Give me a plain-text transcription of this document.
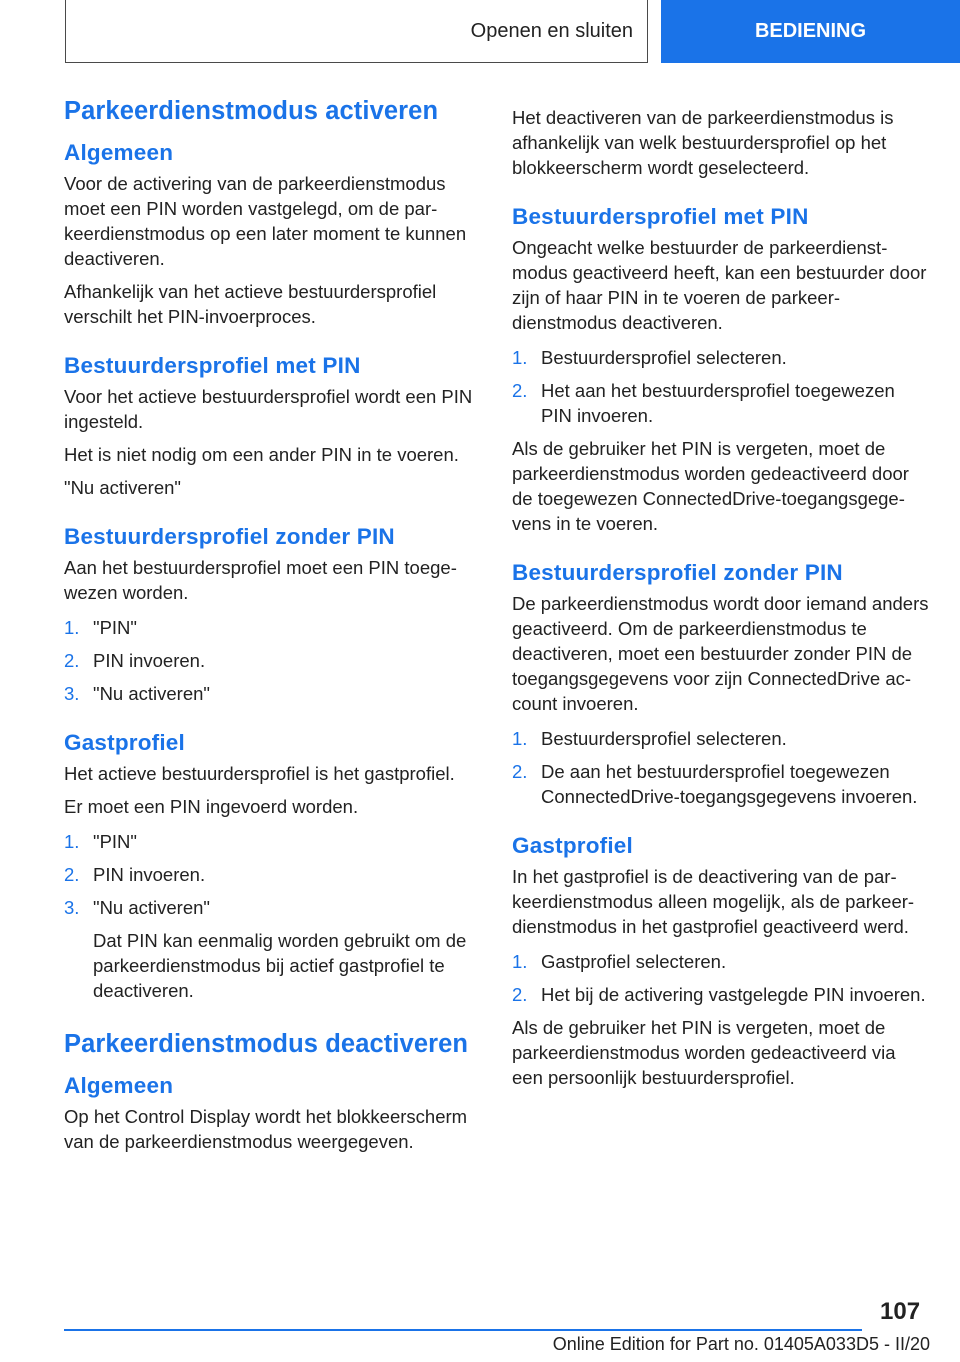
Openen en sluiten	BEDIENING
Parkeerdienstmodus activeren
Algemeen

Voor de activering van de parkeerdienstmodus moet een PIN worden vastgelegd, om de parkeerdienstmodus op een later moment te kunnen deactiveren.

Afhankelijk van het actieve bestuurdersprofiel verschilt het PIN-invoerproces.

Bestuurdersprofiel met PIN

Voor het actieve bestuurdersprofiel wordt een PIN ingesteld.

Het is niet nodig om een ander PIN in te voeren.

"Nu activeren"

Bestuurdersprofiel zonder PIN

Aan het bestuurdersprofiel moet een PIN toegewezen worden.

1. "PIN"
2. PIN invoeren.
3. "Nu activeren"
Gastprofiel

Het actieve bestuurdersprofiel is het gastprofiel.

Er moet een PIN ingevoerd worden.

1. "PIN"
2. PIN invoeren.
3. "Nu activeren"
Dat PIN kan eenmalig worden gebruikt om de parkeerdienstmodus bij actief gastprofiel te deactiveren.
Parkeerdienstmodus deactiveren
Algemeen

Op het Control Display wordt het blokkeerscherm van de parkeerdienstmodus weergegeven.

Het deactiveren van de parkeerdienstmodus is afhankelijk van welk bestuurdersprofiel op het blokkeerscherm wordt geselecteerd.

Bestuurdersprofiel met PIN

Ongeacht welke bestuurder de parkeerdienstmodus geactiveerd heeft, kan een bestuurder door zijn of haar PIN in te voeren de parkeerdienstmodus deactiveren.

1. Bestuurdersprofiel selecteren.
2. Het aan het bestuurdersprofiel toegewezen PIN invoeren.

Als de gebruiker het PIN is vergeten, moet de parkeerdienstmodus worden gedeactiveerd door de toegewezen ConnectedDrive-toegangsgegevens in te voeren.

Bestuurdersprofiel zonder PIN

De parkeerdienstmodus wordt door iemand anders geactiveerd. Om de parkeerdienstmodus te deactiveren, moet een bestuurder zonder PIN de toegangsgegevens voor zijn ConnectedDrive account invoeren.

1. Bestuurdersprofiel selecteren.
2. De aan het bestuurdersprofiel toegewezen ConnectedDrive-toegangsgegevens invoeren.
Gastprofiel

In het gastprofiel is de deactivering van de parkeerdienstmodus alleen mogelijk, als de parkeerdienstmodus in het gastprofiel geactiveerd werd.

1. Gastprofiel selecteren.
2. Het bij de activering vastgelegde PIN invoeren.

Als de gebruiker het PIN is vergeten, moet de parkeerdienstmodus worden gedeactiveerd via een persoonlijk bestuurdersprofiel.

107
Online Edition for Part no. 01405A033D5 - II/20
